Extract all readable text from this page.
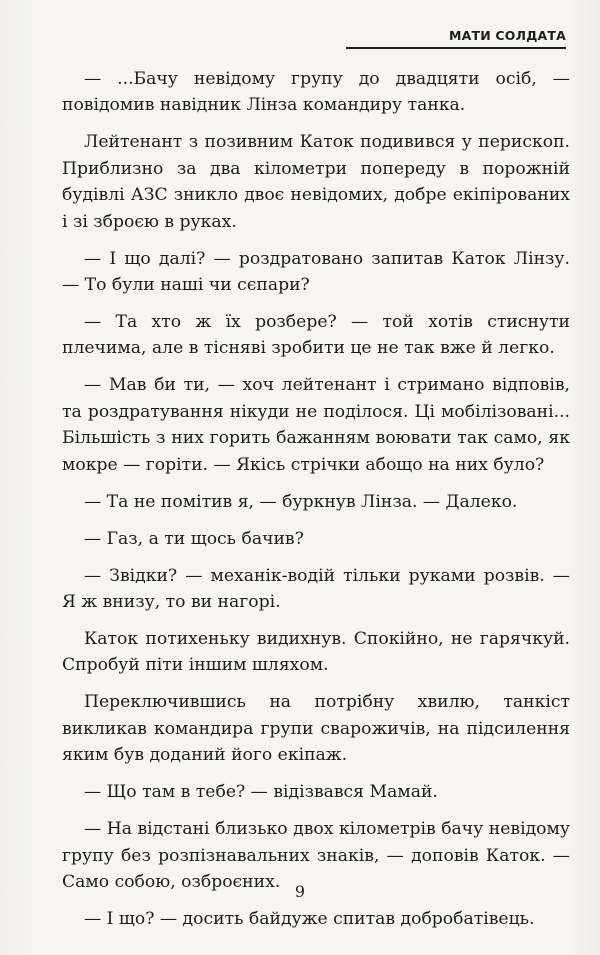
МАТИ СОЛДАТА

— ...Бачу невідому групу до двадцяти осіб, — повідомив навідник Лінза командиру танка.

Лейтенант з позивним Каток подивився у перископ. Приблизно за два кілометри попереду в порожній будівлі АЗС зникло двоє невідомих, добре екіпірованих і зі зброєю в руках.

— І що далі? — роздратовано запитав Каток Лінзу. — То були наші чи сєпари?

— Та хто ж їх розбере? — той хотів стиснути плечима, але в тісняві зробити це не так вже й легко.

— Мав би ти, — хоч лейтенант і стримано відповів, та роздратування нікуди не поділося. Ці мобілізовані... Більшість з них горить бажанням воювати так само, як мокре — горіти. — Якісь стрічки абощо на них було?

— Та не помітив я, — буркнув Лінза. — Далеко.

— Газ, а ти щось бачив?

— Звідки? — механік-водій тільки руками розвів. — Я ж внизу, то ви нагорі.

Каток потихеньку видихнув. Спокійно, не гарячкуй. Спробуй піти іншим шляхом.

Переключившись на потрібну хвилю, танкіст викликав командира групи сварожичів, на підсилення яким був доданий його екіпаж.

— Що там в тебе? — відізвався Мамай.

— На відстані близько двох кілометрів бачу невідому групу без розпізнавальних знаків, — доповів Каток. — Само собою, озброєних.

— І що? — досить байдуже спитав добробатівець.

9
